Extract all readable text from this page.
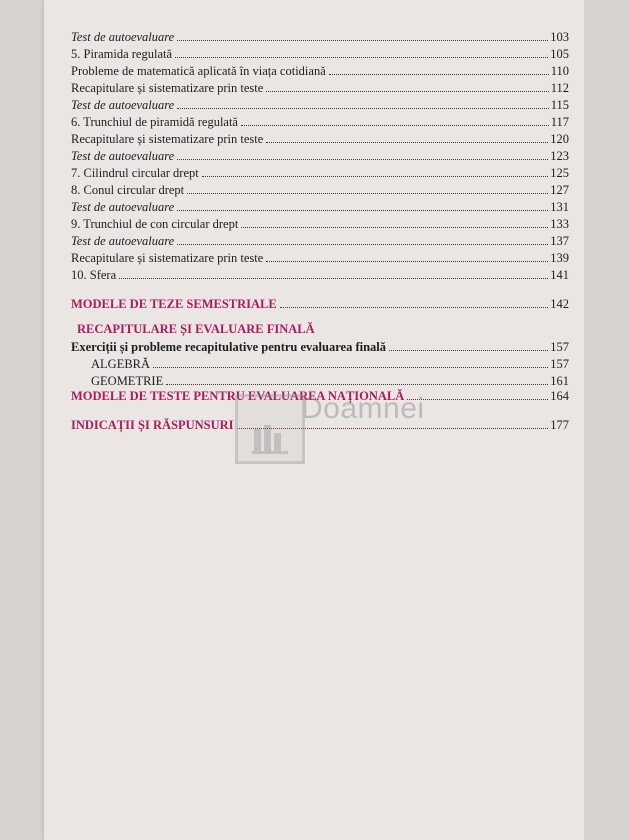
Test de autoevaluare	103
5. Piramida regulată	105
Probleme de matematică aplicată în viața cotidiană	110
Recapitulare și sistematizare prin teste	112
Test de autoevaluare	115
6. Trunchiul de piramidă regulată	117
Recapitulare și sistematizare prin teste	120
Test de autoevaluare	123
7. Cilindrul circular drept	125
8. Conul circular drept	127
Test de autoevaluare	131
9. Trunchiul de con circular drept	133
Test de autoevaluare	137
Recapitulare și sistematizare prin teste	139
10. Sfera	141
MODELE DE TEZE SEMESTRIALE	142
RECAPITULARE ȘI EVALUARE FINALĂ
Exerciții și probleme recapitulative pentru evaluarea finală	157
ALGEBRĂ	157
GEOMETRIE	161
MODELE DE TESTE PENTRU EVALUAREA NAȚIONALĂ	164
INDICAȚII ȘI RĂSPUNSURI	177
Doamnei
